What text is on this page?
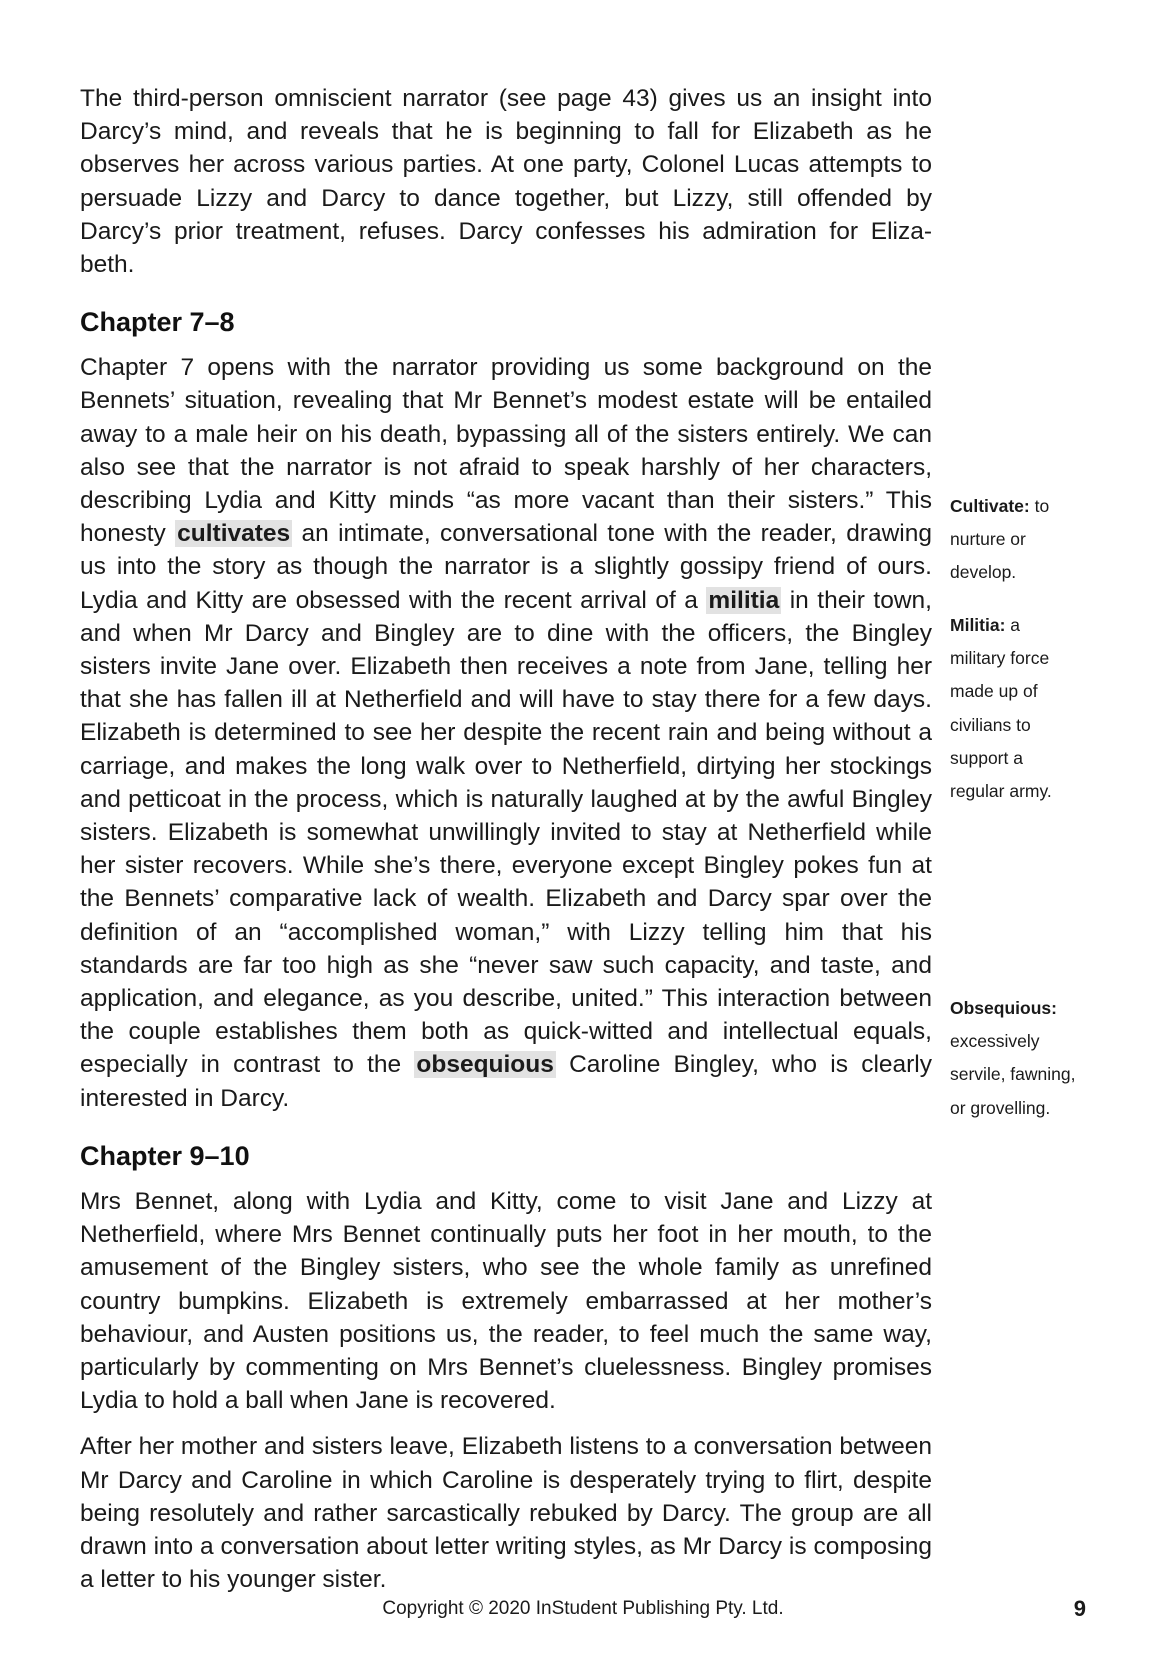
The third-person omniscient narrator (see page 43) gives us an insight into Darcy’s mind, and reveals that he is beginning to fall for Elizabeth as he observes her across various parties. At one party, Colonel Lucas attempts to persuade Lizzy and Darcy to dance together, but Lizzy, still offended by Darcy’s prior treatment, refuses. Darcy confesses his admiration for Eliza-beth.

Chapter 7–8

Chapter 7 opens with the narrator providing us some background on the Bennets’ situation, revealing that Mr Bennet’s modest estate will be entailed away to a male heir on his death, bypassing all of the sisters entirely. We can also see that the narrator is not afraid to speak harshly of her characters, describing Lydia and Kitty minds “as more vacant than their sisters.” This honesty cultivates an intimate, conversational tone with the reader, drawing us into the story as though the narrator is a slightly gossipy friend of ours. Lydia and Kitty are obsessed with the recent arrival of a militia in their town, and when Mr Darcy and Bingley are to dine with the officers, the Bingley sisters invite Jane over. Elizabeth then receives a note from Jane, telling her that she has fallen ill at Netherfield and will have to stay there for a few days. Elizabeth is determined to see her despite the recent rain and being without a carriage, and makes the long walk over to Netherfield, dirtying her stockings and petticoat in the process, which is naturally laughed at by the awful Bingley sisters. Elizabeth is somewhat unwillingly invited to stay at Netherfield while her sister recovers. While she’s there, everyone except Bingley pokes fun at the Bennets’ comparative lack of wealth. Elizabeth and Darcy spar over the definition of an “accomplished woman,” with Lizzy telling him that his standards are far too high as she “never saw such capacity, and taste, and application, and elegance, as you describe, united.” This interaction between the couple establishes them both as quick-witted and intellectual equals, especially in contrast to the obsequious Caroline Bingley, who is clearly interested in Darcy.

Chapter 9–10

Mrs Bennet, along with Lydia and Kitty, come to visit Jane and Lizzy at Netherfield, where Mrs Bennet continually puts her foot in her mouth, to the amusement of the Bingley sisters, who see the whole family as unrefined country bumpkins. Elizabeth is extremely embarrassed at her mother’s behaviour, and Austen positions us, the reader, to feel much the same way, particularly by commenting on Mrs Bennet’s cluelessness. Bingley promises Lydia to hold a ball when Jane is recovered.

After her mother and sisters leave, Elizabeth listens to a conversation between Mr Darcy and Caroline in which Caroline is desperately trying to flirt, despite being resolutely and rather sarcastically rebuked by Darcy. The group are all drawn into a conversation about letter writing styles, as Mr Darcy is composing a letter to his younger sister.

Cultivate: to nurture or develop.
Militia: a military force made up of civilians to support a regular army.
Obsequious: excessively servile, fawning, or grovelling.
Copyright © 2020 InStudent Publishing Pty. Ltd.	9
